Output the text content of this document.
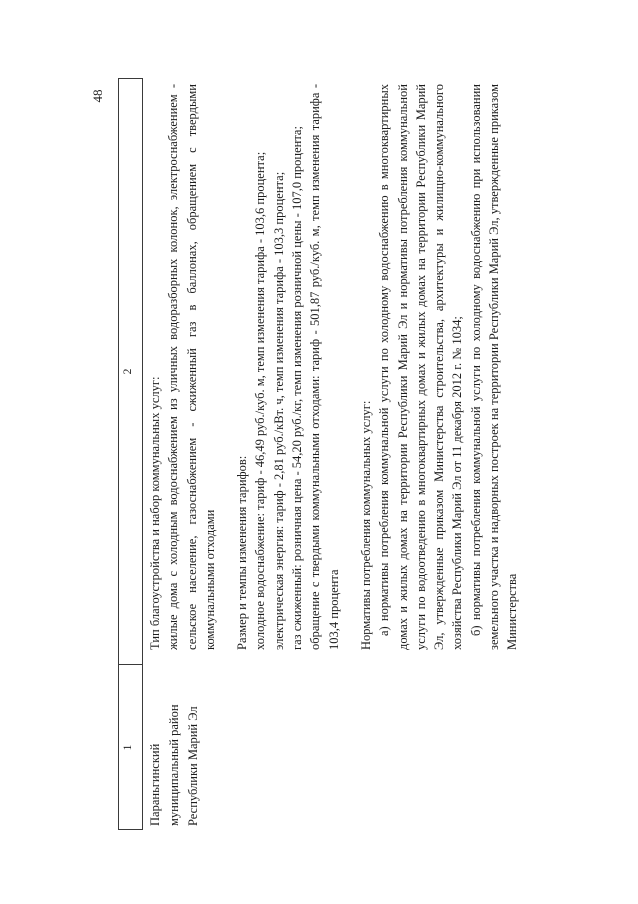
48
1
2
Параньгинский муниципальный район Республики Марий Эл

Тип благоустройства и набор коммунальных услуг: жилые дома с холодным водоснабжением из уличных водоразборных колонок, электроснабжением - сельское население, газоснабжением - сжиженный газ в баллонах, обращением с твердыми коммунальными отходами Размер и темпы изменения тарифов: холодное водоснабжение: тариф - 46,49 руб./куб. м, темп изменения тарифа - 103,6 процента; электрическая энергия: тариф - 2,81 руб./кВт. ч, темп изменения тарифа - 103,3 процента; газ сжиженный: розничная цена - 54,20 руб./кг, темп изменения розничной цены - 107,0 процента; обращение с твердыми коммунальными отходами: тариф - 501,87 руб./куб. м, темп изменения тарифа - 103,4 процента Нормативы потребления коммунальных услуг: а) нормативы потребления коммунальной услуги по холодному водоснабжению в многоквартирных домах и жилых домах на территории Республики Марий Эл и нормативы потребления коммунальной услуги по водоотведению в многоквартирных домах и жилых домах на территории Республики Марий Эл, утвержденные приказом Министерства строительства, архитектуры и жилищно-коммунального хозяйства Республики Марий Эл от 11 декабря 2012 г. № 1034; б) нормативы потребления коммунальной услуги по холодному водоснабжению при использовании земельного участка и надворных построек на территории Республики Марий Эл, утвержденные приказом Министерства
